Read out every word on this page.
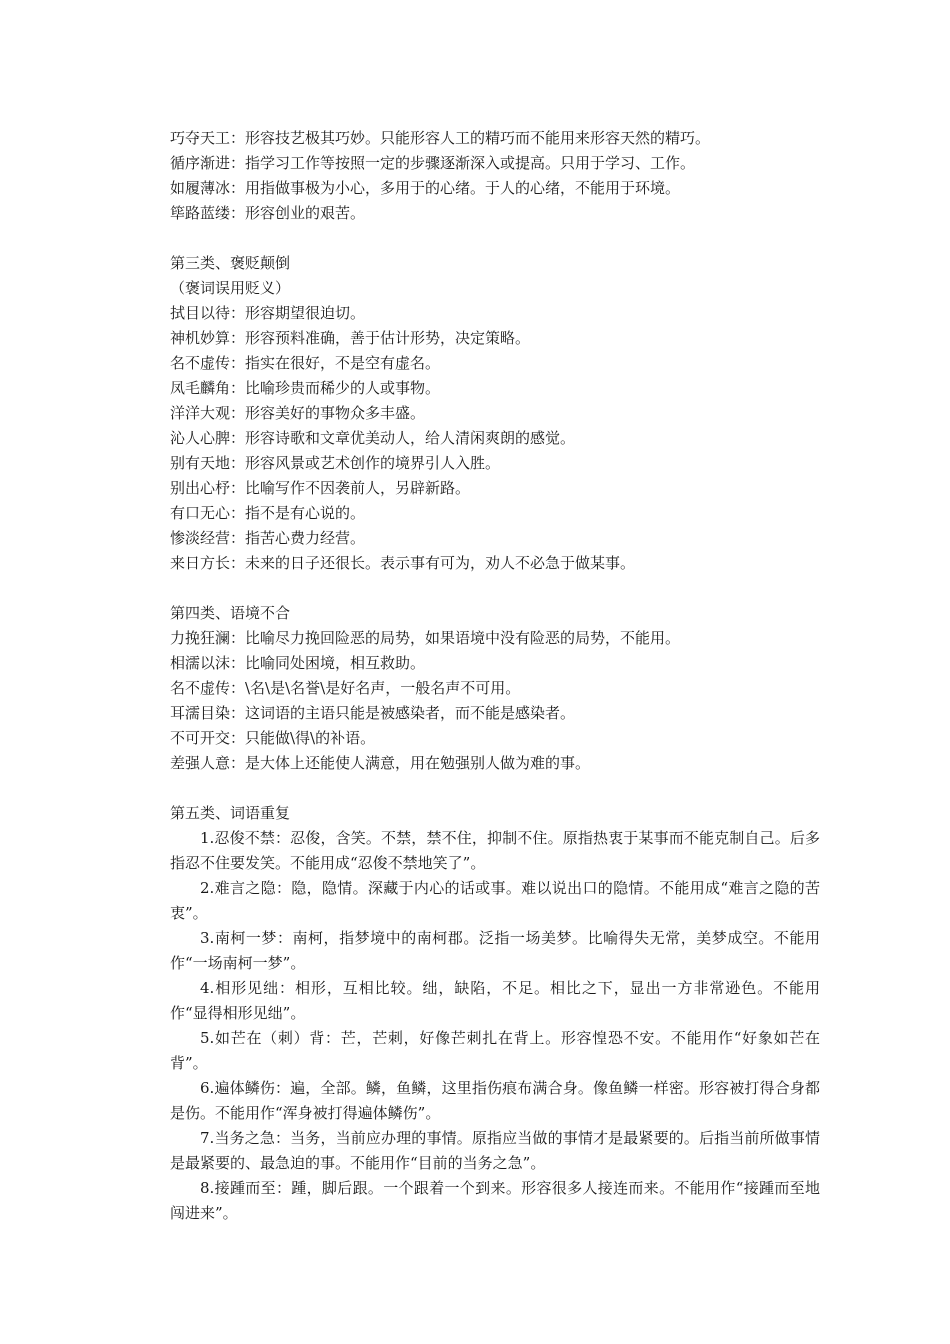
巧夺天工：形容技艺极其巧妙。只能形容人工的精巧而不能用来形容天然的精巧。
循序渐进：指学习工作等按照一定的步骤逐渐深入或提高。只用于学习、工作。
如履薄冰：用指做事极为小心，多用于的心绪。于人的心绪，不能用于环境。
筚路蓝缕：形容创业的艰苦。
第三类、褒贬颠倒
（褒词误用贬义）
拭目以待：形容期望很迫切。
神机妙算：形容预料准确，善于估计形势，决定策略。
名不虚传：指实在很好，不是空有虚名。
凤毛麟角：比喻珍贵而稀少的人或事物。
洋洋大观：形容美好的事物众多丰盛。
沁人心脾：形容诗歌和文章优美动人，给人清闲爽朗的感觉。
别有天地：形容风景或艺术创作的境界引人入胜。
别出心杼：比喻写作不因袭前人，另辟新路。
有口无心：指不是有心说的。
惨淡经营：指苦心费力经营。
来日方长：未来的日子还很长。表示事有可为，劝人不必急于做某事。
第四类、语境不合
力挽狂澜：比喻尽力挽回险恶的局势，如果语境中没有险恶的局势，不能用。
相濡以沫：比喻同处困境，相互救助。
名不虚传：\名\是\名誉\是好名声，一般名声不可用。
耳濡目染：这词语的主语只能是被感染者，而不能是感染者。
不可开交：只能做\得\的补语。
差强人意：是大体上还能使人满意，用在勉强别人做为难的事。
第五类、词语重复
1.忍俊不禁：忍俊，含笑。不禁，禁不住，抑制不住。原指热衷于某事而不能克制自己。后多指忍不住要发笑。不能用成“忍俊不禁地笑了”。
2.难言之隐：隐，隐情。深藏于内心的话或事。难以说出口的隐情。不能用成“难言之隐的苦衷”。
3.南柯一梦：南柯，指梦境中的南柯郡。泛指一场美梦。比喻得失无常，美梦成空。不能用作“一场南柯一梦”。
4.相形见绌：相形，互相比较。绌，缺陷，不足。相比之下，显出一方非常逊色。不能用作“显得相形见绌”。
5.如芒在（刺）背：芒，芒刺，好像芒刺扎在背上。形容惶恐不安。不能用作“好象如芒在背”。
6.遍体鳞伤：遍，全部。鳞，鱼鳞，这里指伤痕布满合身。像鱼鳞一样密。形容被打得合身都是伤。不能用作“浑身被打得遍体鳞伤”。
7.当务之急：当务，当前应办理的事情。原指应当做的事情才是最紧要的。后指当前所做事情是最紧要的、最急迫的事。不能用作“目前的当务之急”。
8.接踵而至：踵，脚后跟。一个跟着一个到来。形容很多人接连而来。不能用作“接踵而至地闯进来”。
